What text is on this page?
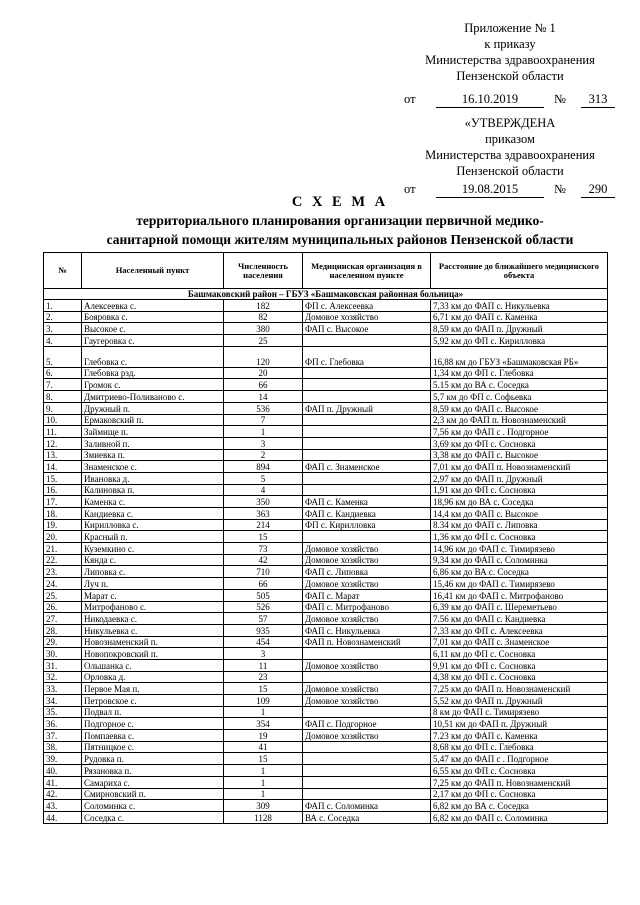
Приложение № 1
к приказу
Министерства здравоохранения
Пензенской области
от	16.10.2019	№	313
«УТВЕРЖДЕНА
приказом
Министерства здравоохранения
Пензенской области
от	19.08.2015	№	290
С Х Е М А
территориального планирования организации первичной медико-
санитарной помощи жителям муниципальных районов Пензенской области
№	Населенный пункт	Численность населения	Медицинская организация в населенном пункте	Расстояние до ближайшего медицинского объекта
Башмаковский район – ГБУЗ «Башмаковская районная больница»				
1.	Алексеевка с.	182	ФП с. Алексеевка	7,33 км до ФАП с. Никульевка
2.	Бояровка с.	82	Домовое хозяйство	6,71 км до ФАП с. Каменка
3.	Высокое с.	380	ФАП с. Высокое	8,59 км до ФАП п. Дружный
4.	Гаугеровка с.	25		5,92 км до ФП с. Кирилловка
5.	Глебовка с.	120	ФП с. Глебовка	16,88 км до ГБУЗ «Башмаковская РБ»
6.	Глебовка рзд.	20		1,34 км до ФП с. Глебовка
7.	Громок с.	66		5.15 км до ВА с. Соседка
8.	Дмитриево-Поливаново с.	14		5,7 км до ФП с. Софьевка
9.	Дружный п.	536	ФАП п. Дружный	8,59 км до ФАП с. Высокое
10.	Ермаковский п.	7		2,3 км до ФАП п. Новознаменский
11.	Займище п.	1		7,56 км до ФАП с . Подгорное
12.	Заливной п.	3		3,69 км до ФП с. Сосновка
13.	Змиевка п.	2		3,38 км до ФАП с. Высокое
14.	Знаменское с.	894	ФАП с. Знаменское	7,01 км до ФАП п. Новознаменский
15.	Ивановка д.	5		2,97 км до ФАП п. Дружный
16.	Калиновка п.	4		1,91 км до ФП с. Сосновка
17.	Каменка с.	350	ФАП с. Каменка	18,96 км до ВА с. Соседка
18.	Кандиевка с.	363	ФАП с. Кандиевка	14,4 км до ФАП с. Высокое
19.	Кирилловка с.	214	ФП с. Кирилловка	8.34 км до ФАП с. Липовка
20.	Красный п.	15		1,36 км до ФП с. Сосновка
21.	Куземкино с.	73	Домовое хозяйство	14,96 км до ФАП с. Тимирязево
22.	Кяндa с.	42	Домовое хозяйство	9,34 км до ФАП с. Соломинка
23.	Липовка с.	710	ФАП с. Липовка	6,86 км до ВА с. Соседка
24.	Луч п.	66	Домовое хозяйство	15,46 км до ФАП с. Тимирязево
25.	Марат с.	505	ФАП с. Марат	16,41 км до ФАП с. Митрофаново
26.	Митрофаново с.	526	ФАП с. Митрофаново	6,39 км до ФАП с. Шереметьево
27.	Никодаевка с.	57	Домовое хозяйство	7.56 км до ФАП с. Кандиевка
28.	Никульевка с.	935	ФАП с. Никульевка	7,33 км до ФП с. Алексеевка
29.	Новознаменский п.	454	ФАП п. Новознаменский	7,01 км до ФАП с. Знаменское
30.	Новопокровский п.	3		6,11 км до ФП с. Сосновка
31.	Ольшанка с.	11	Домовое хозяйство	9,91 км до ФП с. Сосновка
32.	Орловка д.	23		4,38 км до ФП с. Сосновка
33.	Первое Мая п.	15	Домовое хозяйство	7,25 км до ФАП п. Новознаменский
34.	Петровское с.	109	Домовое хозяйство	5,52 км до ФАП п. Дружный
35.	Подвал п.	1		8 км до ФАП с. Тимирязево
36.	Подгорное с.	354	ФАП с. Подгорное	10,51 км до ФАП п. Дружный
37.	Помпаевка с.	19	Домовое хозяйство	7.23 км до ФАП с. Каменка
38.	Пятницкое с.	41		8,68 км до ФП с. Глебовка
39.	Рудовка п.	15		5,47 км до ФАП с . Подгорное
40.	Рязановка п.	1		6,55 км до ФП с. Сосновка
41.	Самариха с.	1		7,25 км до ФАП п. Новознаменский
42.	Смирновский п.	1		2,17 км до ФП с. Сосновка
43.	Соломинка с.	309	ФАП с. Соломинка	6,82 км до ВА с. Соседка
44.	Соседка с.	1128	ВА с. Соседка	6,82 км до ФАП с. Соломинка
